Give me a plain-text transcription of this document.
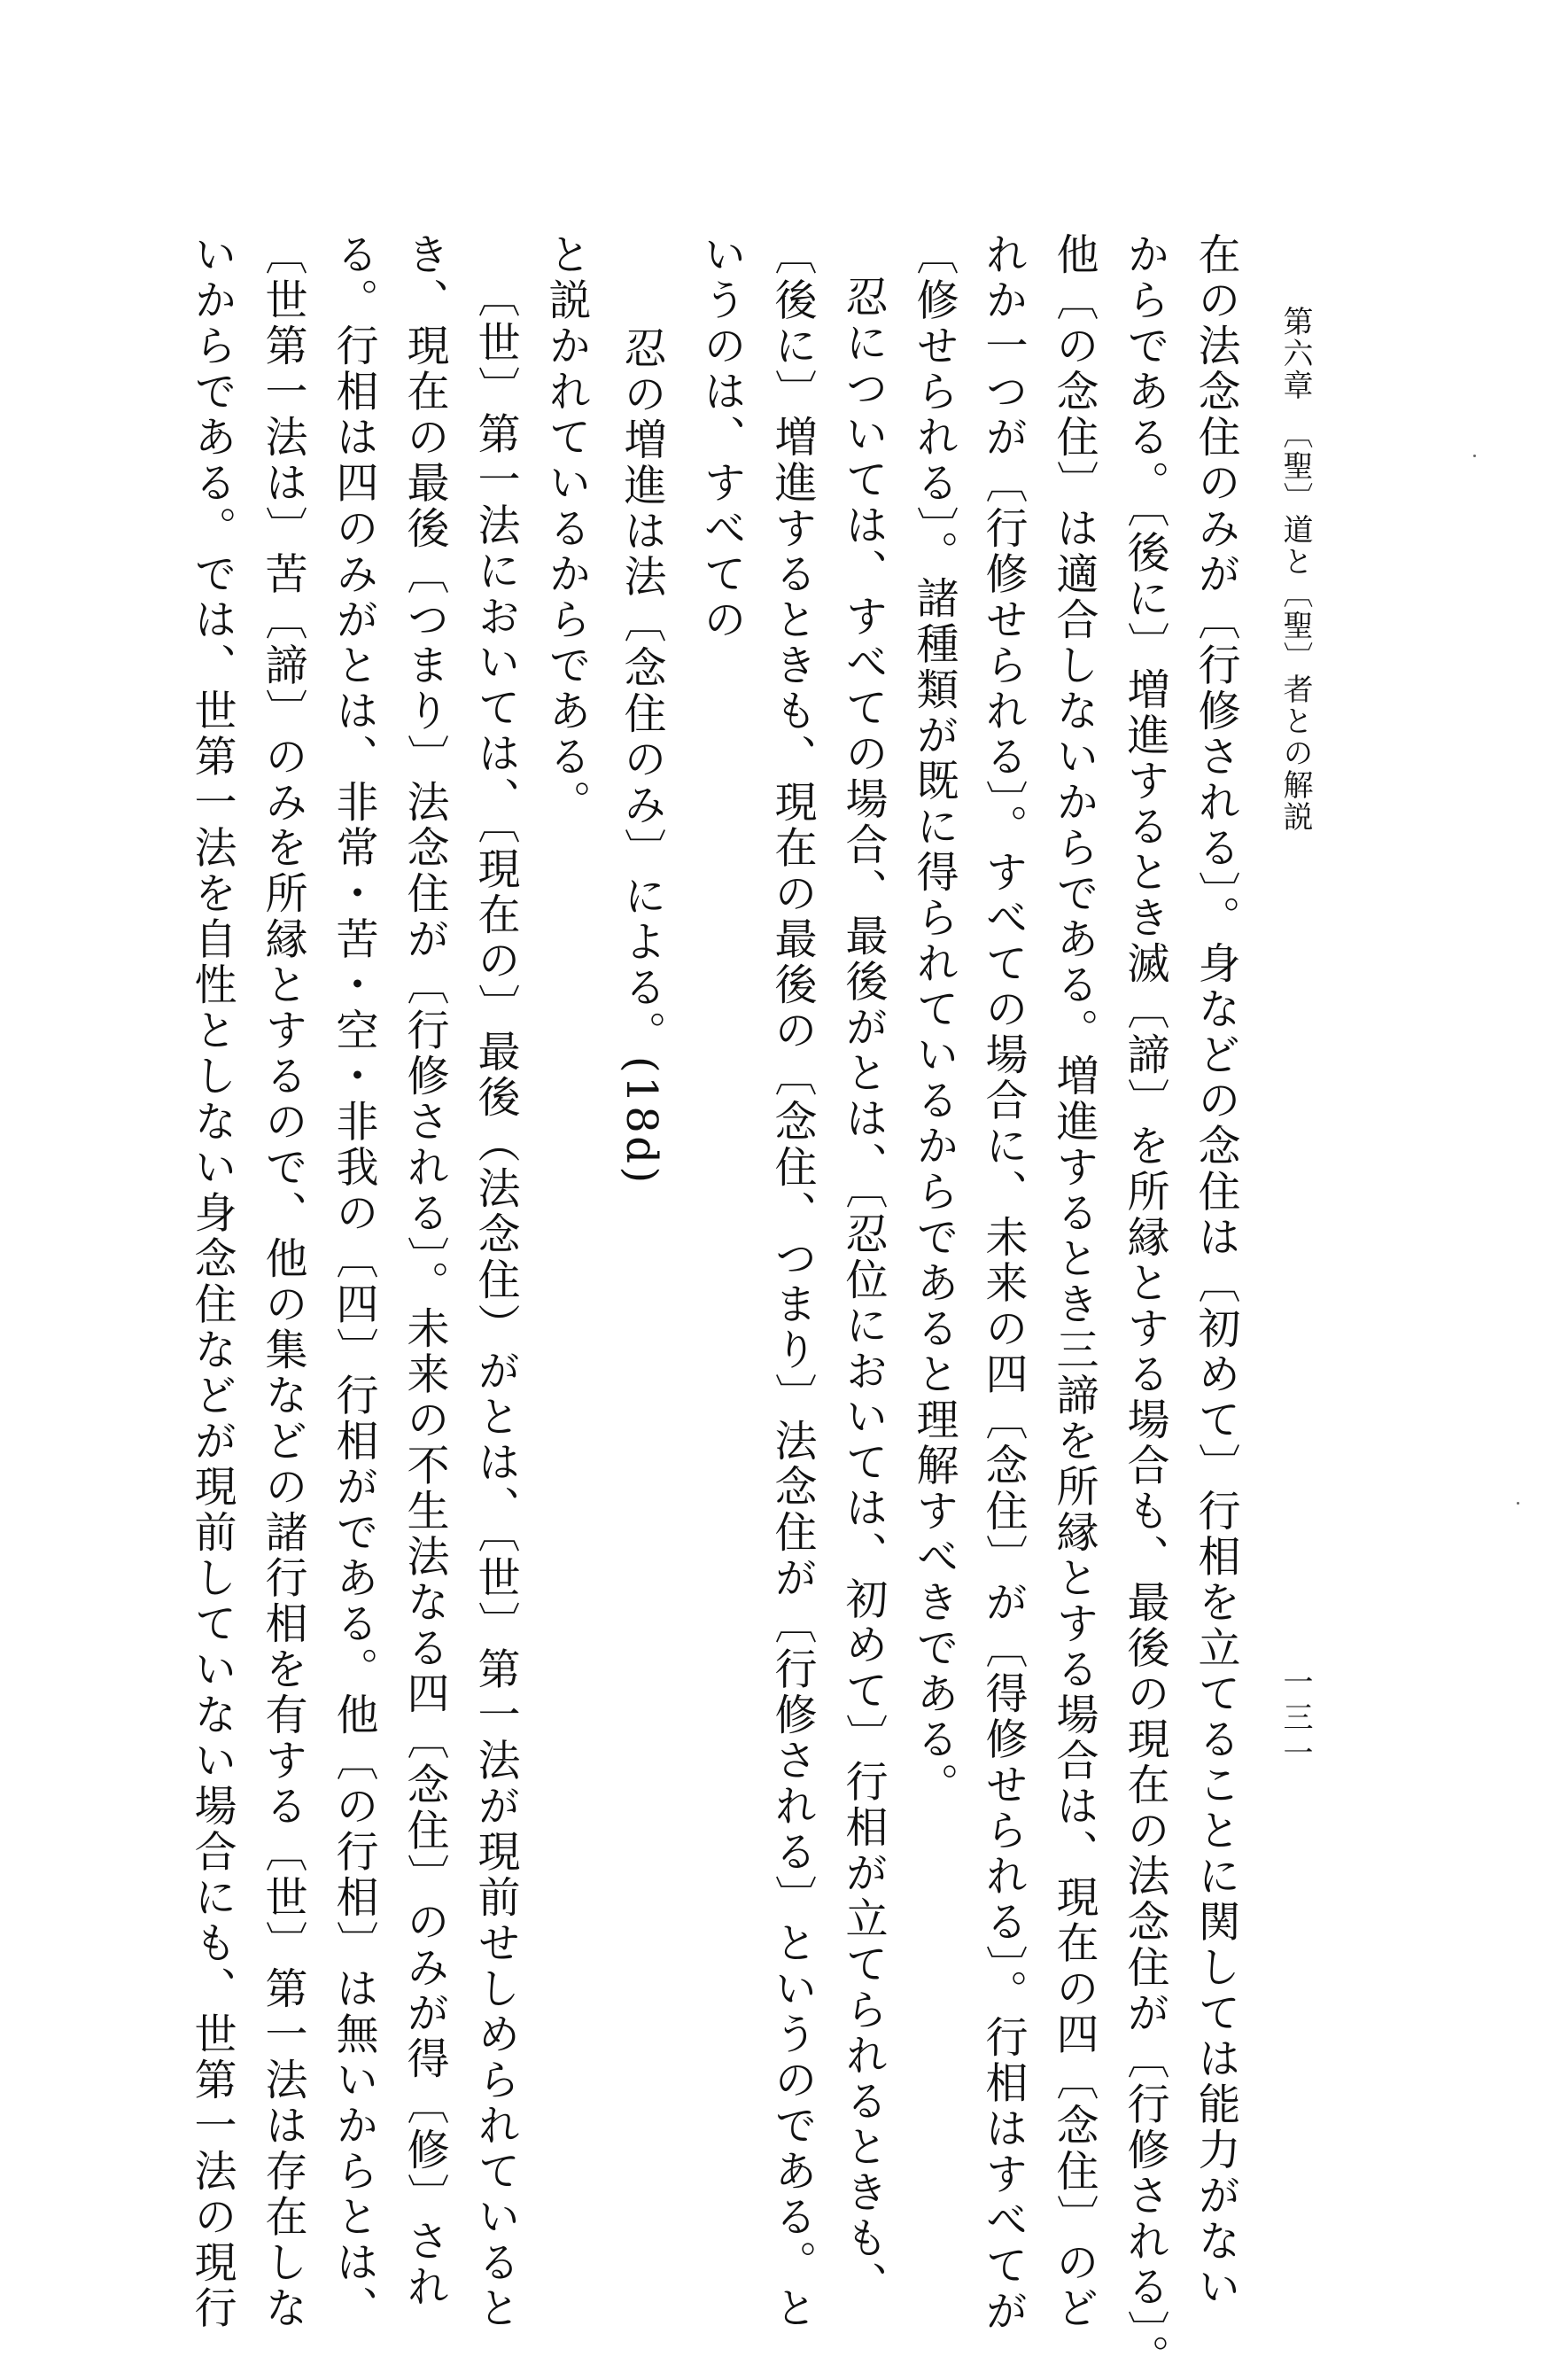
第六章　〔聖〕道と〔聖〕者との解説
一三一
在の法念住のみが〔行修される〕。身などの念住は〔初めて〕行相を立てることに関しては能力がない
からである。〔後に〕増進するとき滅〔諦〕を所縁とする場合も、最後の現在の法念住が〔行修される〕。
他〔の念住〕は適合しないからである。増進するとき三諦を所縁とする場合は、現在の四〔念住〕のど
れか一つが〔行修せられる〕。すべての場合に、未来の四〔念住〕が〔得修せられる〕。行相はすべてが
〔修せられる〕。諸種類が既に得られているからであると理解すべきである。
忍については、すべての場合、最後がとは、〔忍位においては、初めて〕行相が立てられるときも、
〔後に〕増進するときも、現在の最後の〔念住、つまり〕法念住が〔行修される〕というのである。と
いうのは、すべての
忍の増進は法〔念住のみ〕による。(18d)
と説かれているからである。
〔世〕第一法においては、〔現在の〕最後（法念住）がとは、〔世〕第一法が現前せしめられていると
き、現在の最後〔つまり〕法念住が〔行修される〕。未来の不生法なる四〔念住〕のみが得〔修〕され
る。行相は四のみがとは、非常・苦・空・非我の〔四〕行相がである。他〔の行相〕は無いからとは、
〔世第一法は〕苦〔諦〕のみを所縁とするので、他の集などの諸行相を有する〔世〕第一法は存在しな
いからである。では、世第一法を自性としない身念住などが現前していない場合にも、世第一法の現行
